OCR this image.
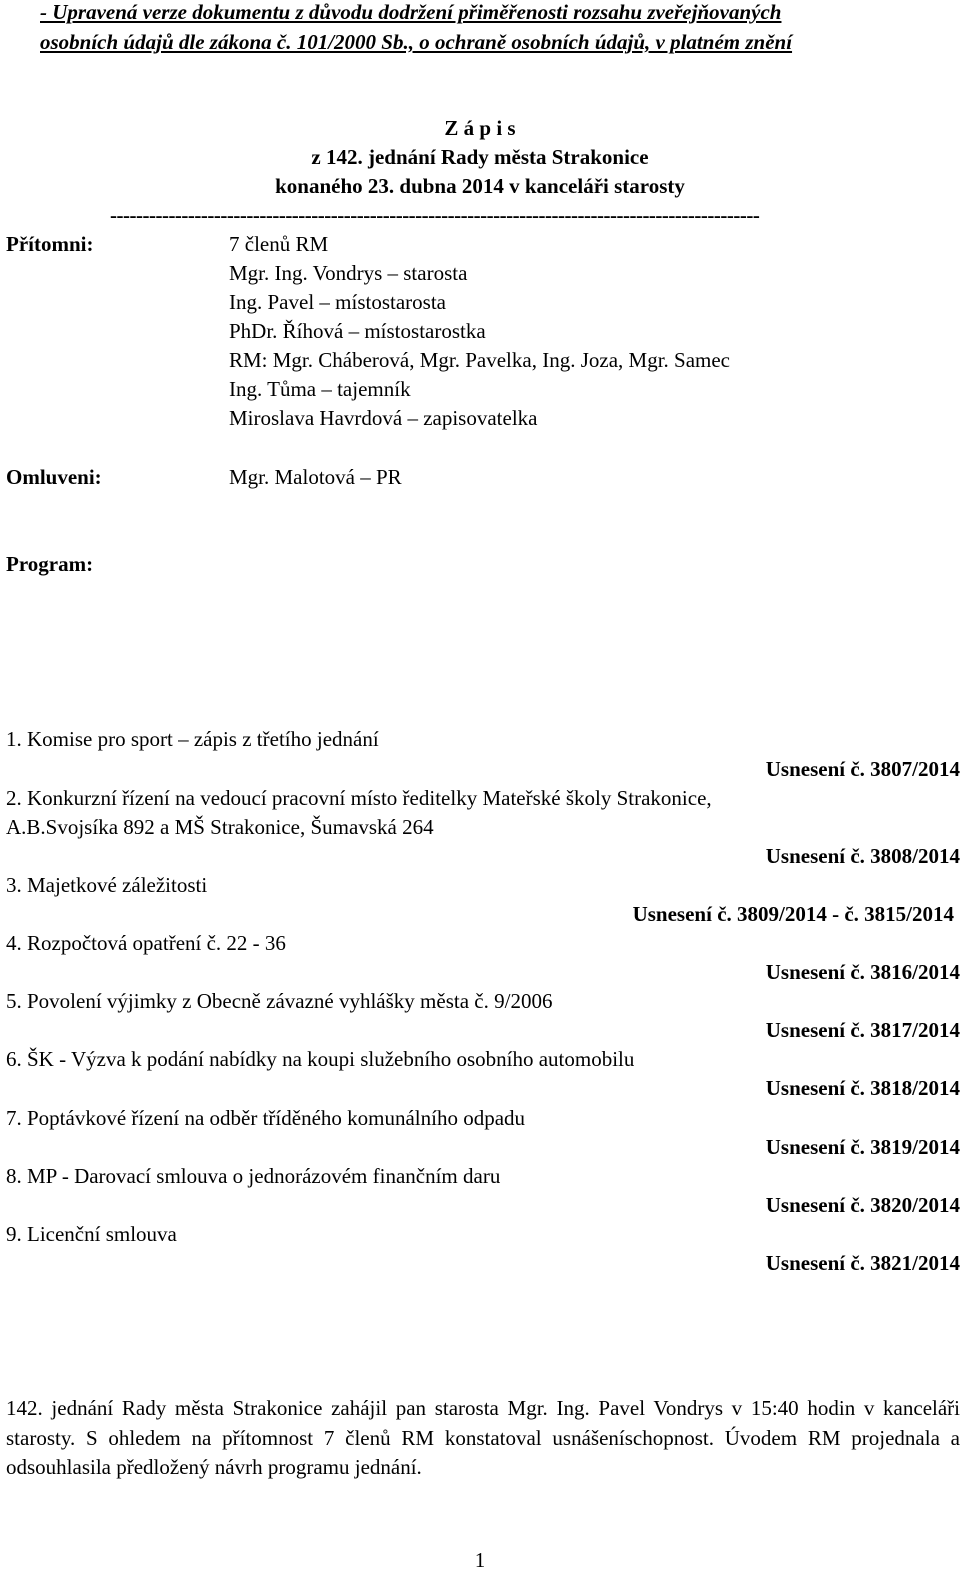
- Upravená verze dokumentu z důvodu dodržení přiměřenosti rozsahu zveřejňovaných
osobních údajů dle zákona č. 101/2000 Sb., o ochraně osobních údajů, v platném znění
Z á p i s
z 142. jednání Rady města Strakonice
konaného 23. dubna 2014 v kanceláři starosty
----------------------------------------------------------------------------------------------------
Přítomni:	7 členů RM
Mgr. Ing. Vondrys – starosta
Ing. Pavel – místostarosta
PhDr. Říhová – místostarostka
RM: Mgr. Cháberová, Mgr. Pavelka, Ing. Joza, Mgr. Samec
Ing. Tůma – tajemník
Miroslava Havrdová – zapisovatelka
Omluveni:	Mgr. Malotová – PR
Program:
1. Komise pro sport – zápis z třetího jednání
Usnesení č. 3807/2014
2. Konkurzní řízení na vedoucí pracovní místo ředitelky Mateřské školy Strakonice,
A.B.Svojsíka 892 a MŠ Strakonice, Šumavská 264
Usnesení č. 3808/2014
3. Majetkové záležitosti
Usnesení č. 3809/2014 - č. 3815/2014
4. Rozpočtová opatření č. 22 - 36
Usnesení č. 3816/2014
5. Povolení výjimky z Obecně závazné vyhlášky města č. 9/2006
Usnesení č. 3817/2014
6. ŠK - Výzva k podání nabídky na koupi služebního osobního automobilu
Usnesení č. 3818/2014
7. Poptávkové řízení na odběr tříděného komunálního odpadu
Usnesení č. 3819/2014
8. MP - Darovací smlouva o jednorázovém finančním daru
Usnesení č. 3820/2014
9. Licenční smlouva
Usnesení č. 3821/2014
142. jednání Rady města Strakonice zahájil pan starosta Mgr. Ing. Pavel Vondrys v 15:40 hodin v kanceláři starosty. S ohledem na přítomnost 7 členů RM konstatoval usnášeníschopnost. Úvodem RM projednala a odsouhlasila předložený návrh programu jednání.
1
